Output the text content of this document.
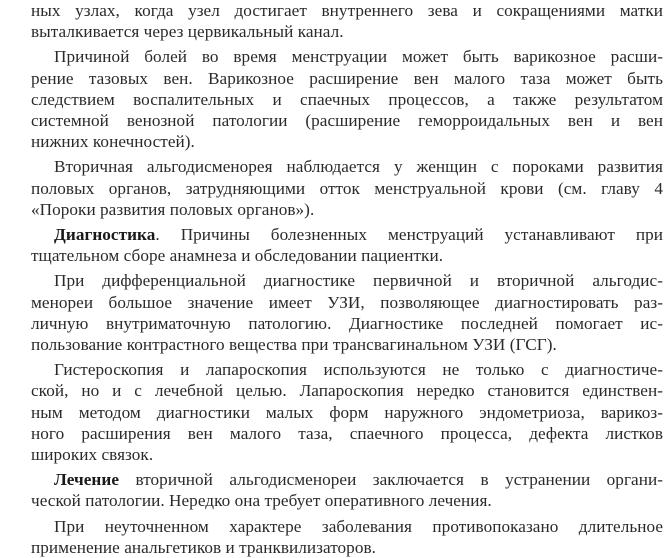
ных узлах, когда узел достигает внутреннего зева и сокращениями матки
выталкивается через цервикальный канал.
Причиной болей во время менструации может быть варикозное расши-
рение тазовых вен. Варикозное расширение вен малого таза может быть
следствием воспалительных и спаечных процессов, а также результатом
системной венозной патологии (расширение геморроидальных вен и вен
нижних конечностей).
Вторичная альгодисменорея наблюдается у женщин с пороками развития
половых органов, затрудняющими отток менструальной крови (см. главу 4
«Пороки развития половых органов»).
Диагностика. Причины болезненных менструаций устанавливают при
тщательном сборе анамнеза и обследовании пациентки.
При дифференциальной диагностике первичной и вторичной альгодис-
менореи большое значение имеет УЗИ, позволяющее диагностировать раз-
личную внутриматочную патологию. Диагностике последней помогает ис-
пользование контрастного вещества при трансвагинальном УЗИ (ГСГ).
Гистероскопия и лапароскопия используются не только с диагностиче-
ской, но и с лечебной целью. Лапароскопия нередко становится единствен-
ным методом диагностики малых форм наружного эндометриоза, варикоз-
ного расширения вен малого таза, спаечного процесса, дефекта листков
широких связок.
Лечение вторичной альгодисменореи заключается в устранении органи-
ческой патологии. Нередко она требует оперативного лечения.
При неуточненном характере заболевания противопоказано длительное
применение анальгетиков и транквилизаторов.
